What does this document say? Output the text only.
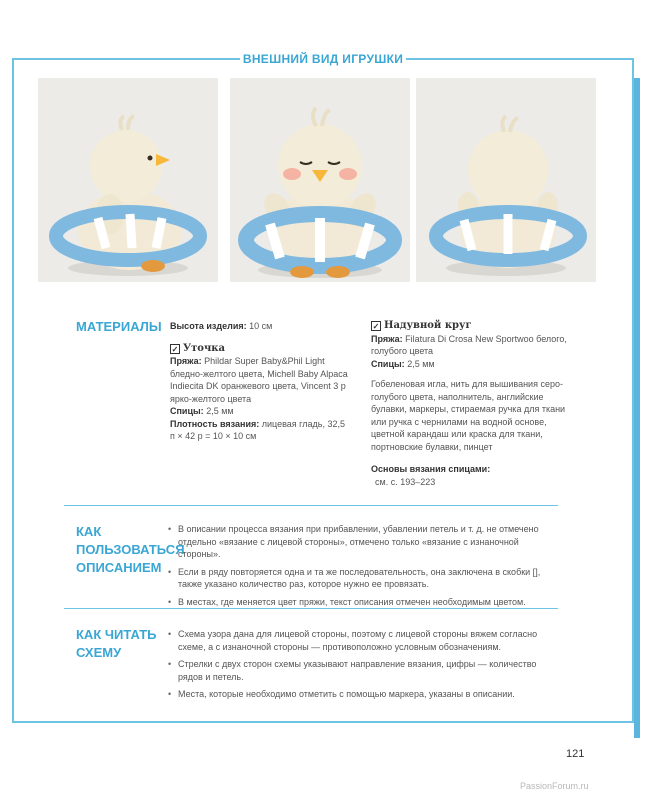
ВНЕШНИЙ ВИД ИГРУШКИ
МАТЕРИАЛЫ Высота изделия: 10 см
✓ Уточка
Пряжа: Phildar Super Baby&Phil Light бледно-желтого цвета, Michell Baby Alpaca Indiecita DK оранжевого цвета, Vincent 3 р ярко-желтого цвета
Спицы: 2,5 мм
Плотность вязания: лицевая гладь, 32,5 п × 42 р = 10 × 10 см
✓ Надувной круг
Пряжа: Filatura Di Crosa New Sportwoo белого, голубого цвета
Спицы: 2,5 мм
Гобеленовая игла, нить для вышивания серо-голубого цвета, наполнитель, английские булавки, маркеры, стираемая ручка для ткани или ручка с чернилами на водной основе, цветной карандаш или краска для ткани, портновские булавки, пинцет
Основы вязания спицами:
см. с. 193–223
КАК ПОЛЬЗОВАТЬСЯ ОПИСАНИЕМ
• В описании процесса вязания при прибавлении, убавлении петель и т. д. не отмечено отдельно «вязание с лицевой стороны», отмечено только «вязание с изнаночной стороны».
• Если в ряду повторяется одна и та же последовательность, она заключена в скобки [], также указано количество раз, которое нужно ее провязать.
• В местах, где меняется цвет пряжи, текст описания отмечен необходимым цветом.
КАК ЧИТАТЬ СХЕМУ
• Схема узора дана для лицевой стороны, поэтому с лицевой стороны вяжем согласно схеме, а с изнаночной стороны — противоположно условным обозначениям.
• Стрелки с двух сторон схемы указывают направление вязания, цифры — количество рядов и петель.
• Места, которые необходимо отметить с помощью маркера, указаны в описании.
121
PassionForum.ru
